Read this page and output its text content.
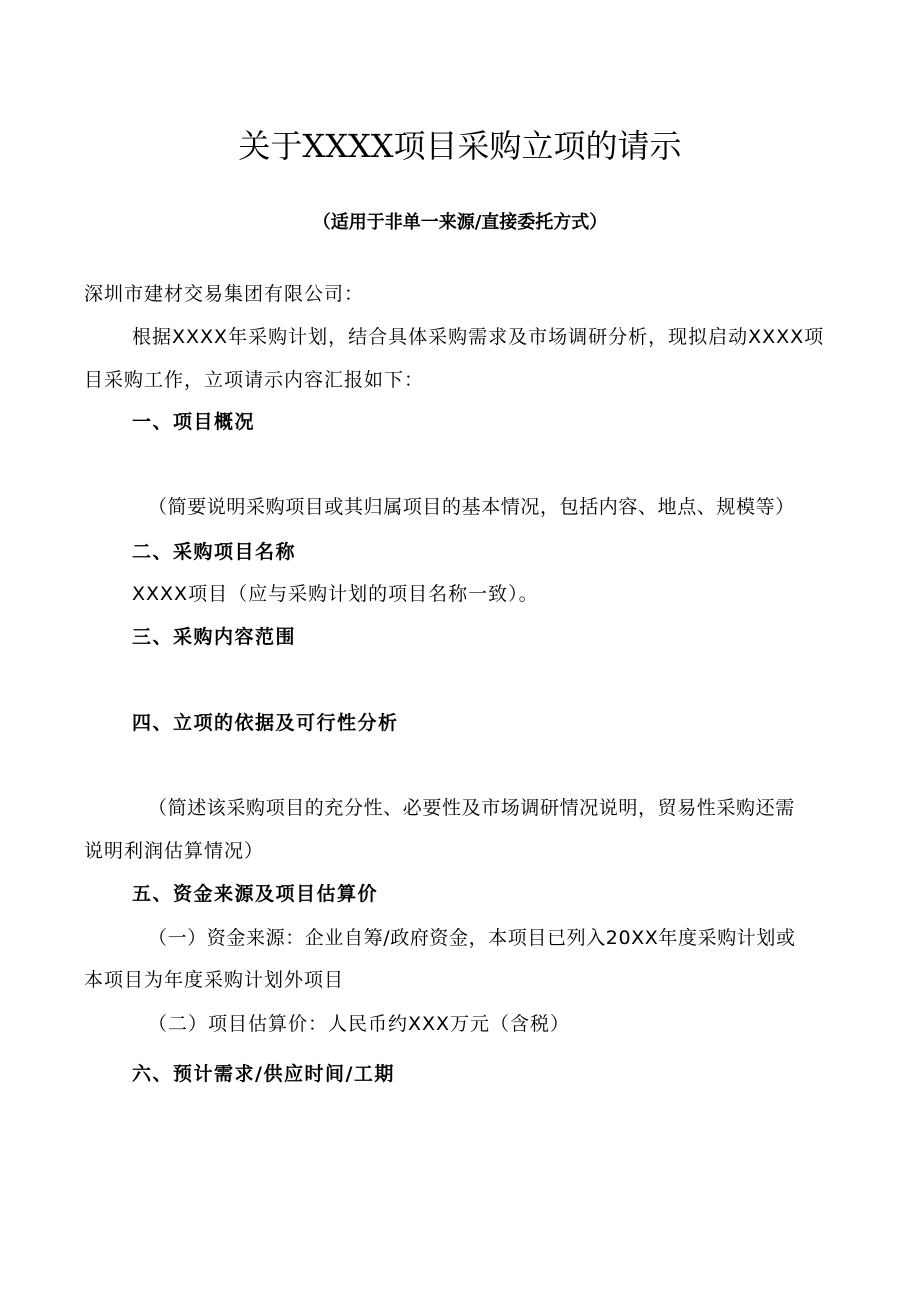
关于XXXX项目采购立项的请示
（适用于非单一来源/直接委托方式）
深圳市建材交易集团有限公司：
根据XXXX年采购计划，结合具体采购需求及市场调研分析，现拟启动XXXX项
目采购工作，立项请示内容汇报如下：
一、项目概况
（简要说明采购项目或其归属项目的基本情况，包括内容、地点、规模等）
二、采购项目名称
XXXX项目（应与采购计划的项目名称一致）。
三、采购内容范围
四、立项的依据及可行性分析
（简述该采购项目的充分性、必要性及市场调研情况说明，贸易性采购还需
说明利润估算情况）
五、资金来源及项目估算价
（一）资金来源：企业自筹/政府资金，本项目已列入20XX年度采购计划或
本项目为年度采购计划外项目
（二）项目估算价：人民币约XXX万元（含税）
六、预计需求/供应时间/工期
